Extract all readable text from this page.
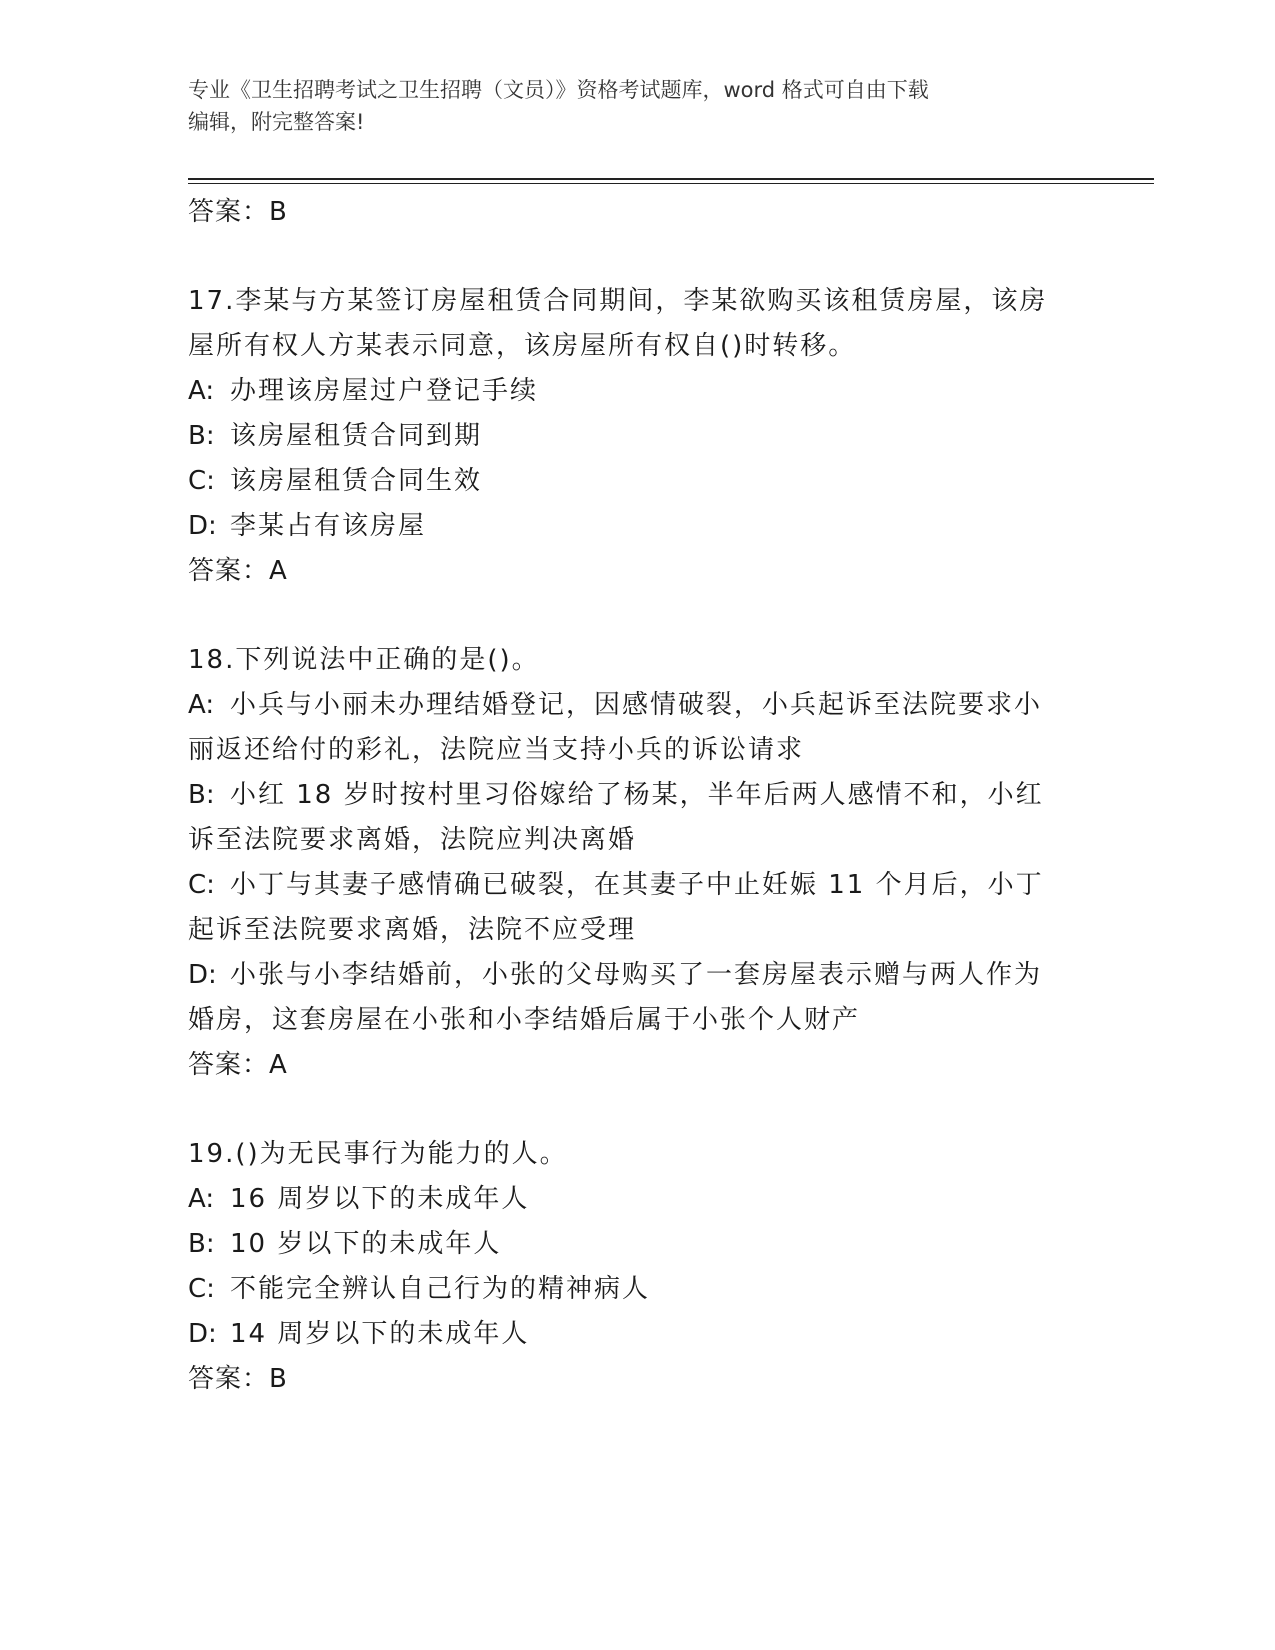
专业《卫生招聘考试之卫生招聘（文员）》资格考试题库，word 格式可自由下载
编辑，附完整答案!
答案：B
17.李某与方某签订房屋租赁合同期间，李某欲购买该租赁房屋，该房
屋所有权人方某表示同意，该房屋所有权自()时转移。
A: 办理该房屋过户登记手续
B: 该房屋租赁合同到期
C: 该房屋租赁合同生效
D: 李某占有该房屋
答案：A
18.下列说法中正确的是()。
A: 小兵与小丽未办理结婚登记，因感情破裂，小兵起诉至法院要求小
丽返还给付的彩礼，法院应当支持小兵的诉讼请求
B: 小红 18 岁时按村里习俗嫁给了杨某，半年后两人感情不和，小红
诉至法院要求离婚，法院应判决离婚
C: 小丁与其妻子感情确已破裂，在其妻子中止妊娠 11 个月后，小丁
起诉至法院要求离婚，法院不应受理
D: 小张与小李结婚前，小张的父母购买了一套房屋表示赠与两人作为
婚房，这套房屋在小张和小李结婚后属于小张个人财产
答案：A
19.()为无民事行为能力的人。
A: 16 周岁以下的未成年人
B: 10 岁以下的未成年人
C: 不能完全辨认自己行为的精神病人
D: 14 周岁以下的未成年人
答案：B
